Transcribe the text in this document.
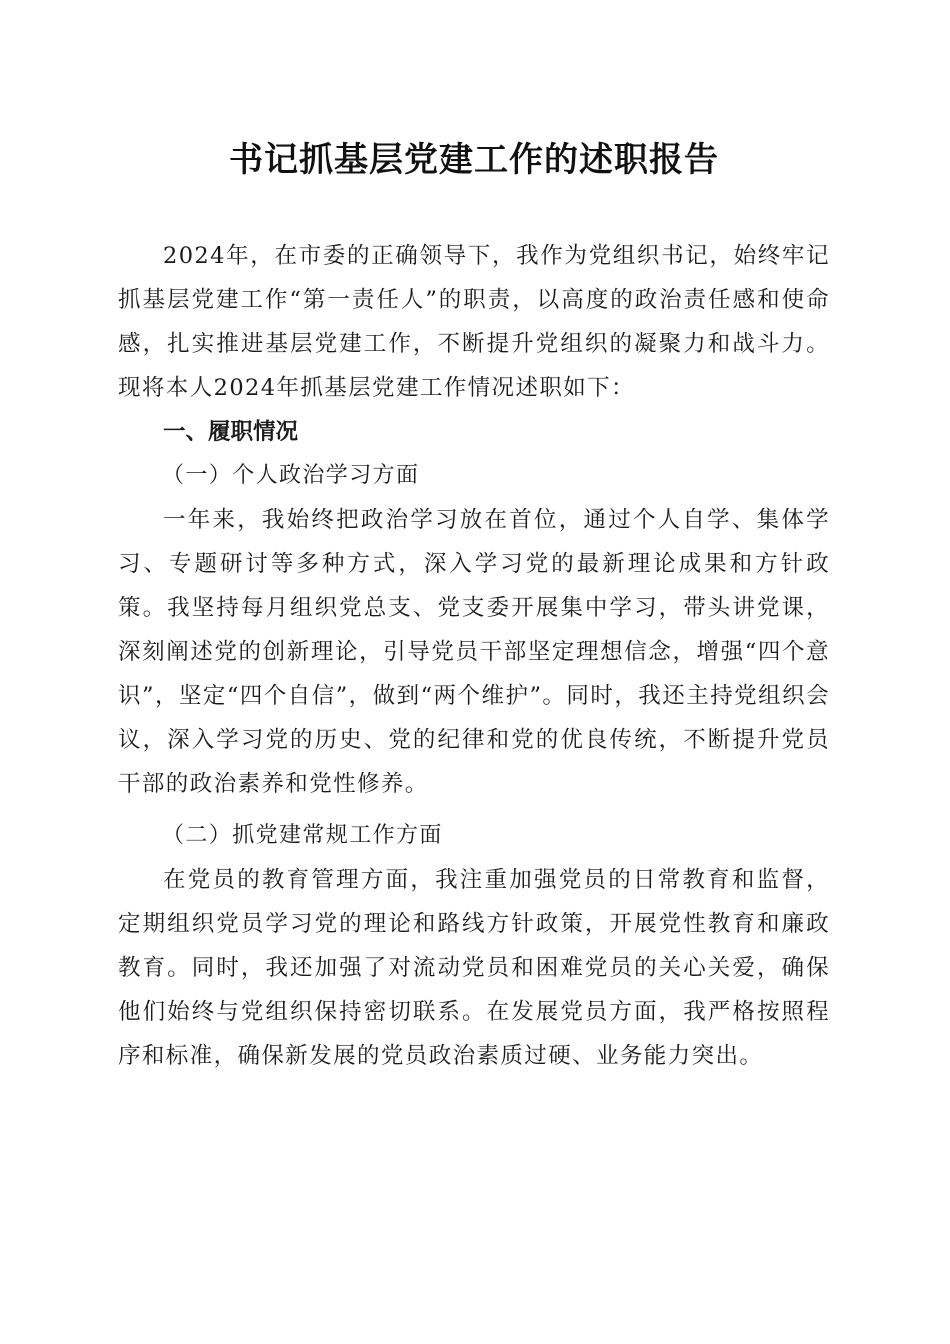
书记抓基层党建工作的述职报告

2024年，在市委的正确领导下，我作为党组织书记，始终牢记抓基层党建工作“第一责任人”的职责，以高度的政治责任感和使命感，扎实推进基层党建工作，不断提升党组织的凝聚力和战斗力。现将本人2024年抓基层党建工作情况述职如下：

一、履职情况

（一）个人政治学习方面

一年来，我始终把政治学习放在首位，通过个人自学、集体学习、专题研讨等多种方式，深入学习党的最新理论成果和方针政策。我坚持每月组织党总支、党支委开展集中学习，带头讲党课，深刻阐述党的创新理论，引导党员干部坚定理想信念，增强“四个意识”，坚定“四个自信”，做到“两个维护”。同时，我还主持党组织会议，深入学习党的历史、党的纪律和党的优良传统，不断提升党员干部的政治素养和党性修养。

（二）抓党建常规工作方面

在党员的教育管理方面，我注重加强党员的日常教育和监督，定期组织党员学习党的理论和路线方针政策，开展党性教育和廉政教育。同时，我还加强了对流动党员和困难党员的关心关爱，确保他们始终与党组织保持密切联系。在发展党员方面，我严格按照程序和标准，确保新发展的党员政治素质过硬、业务能力突出。
